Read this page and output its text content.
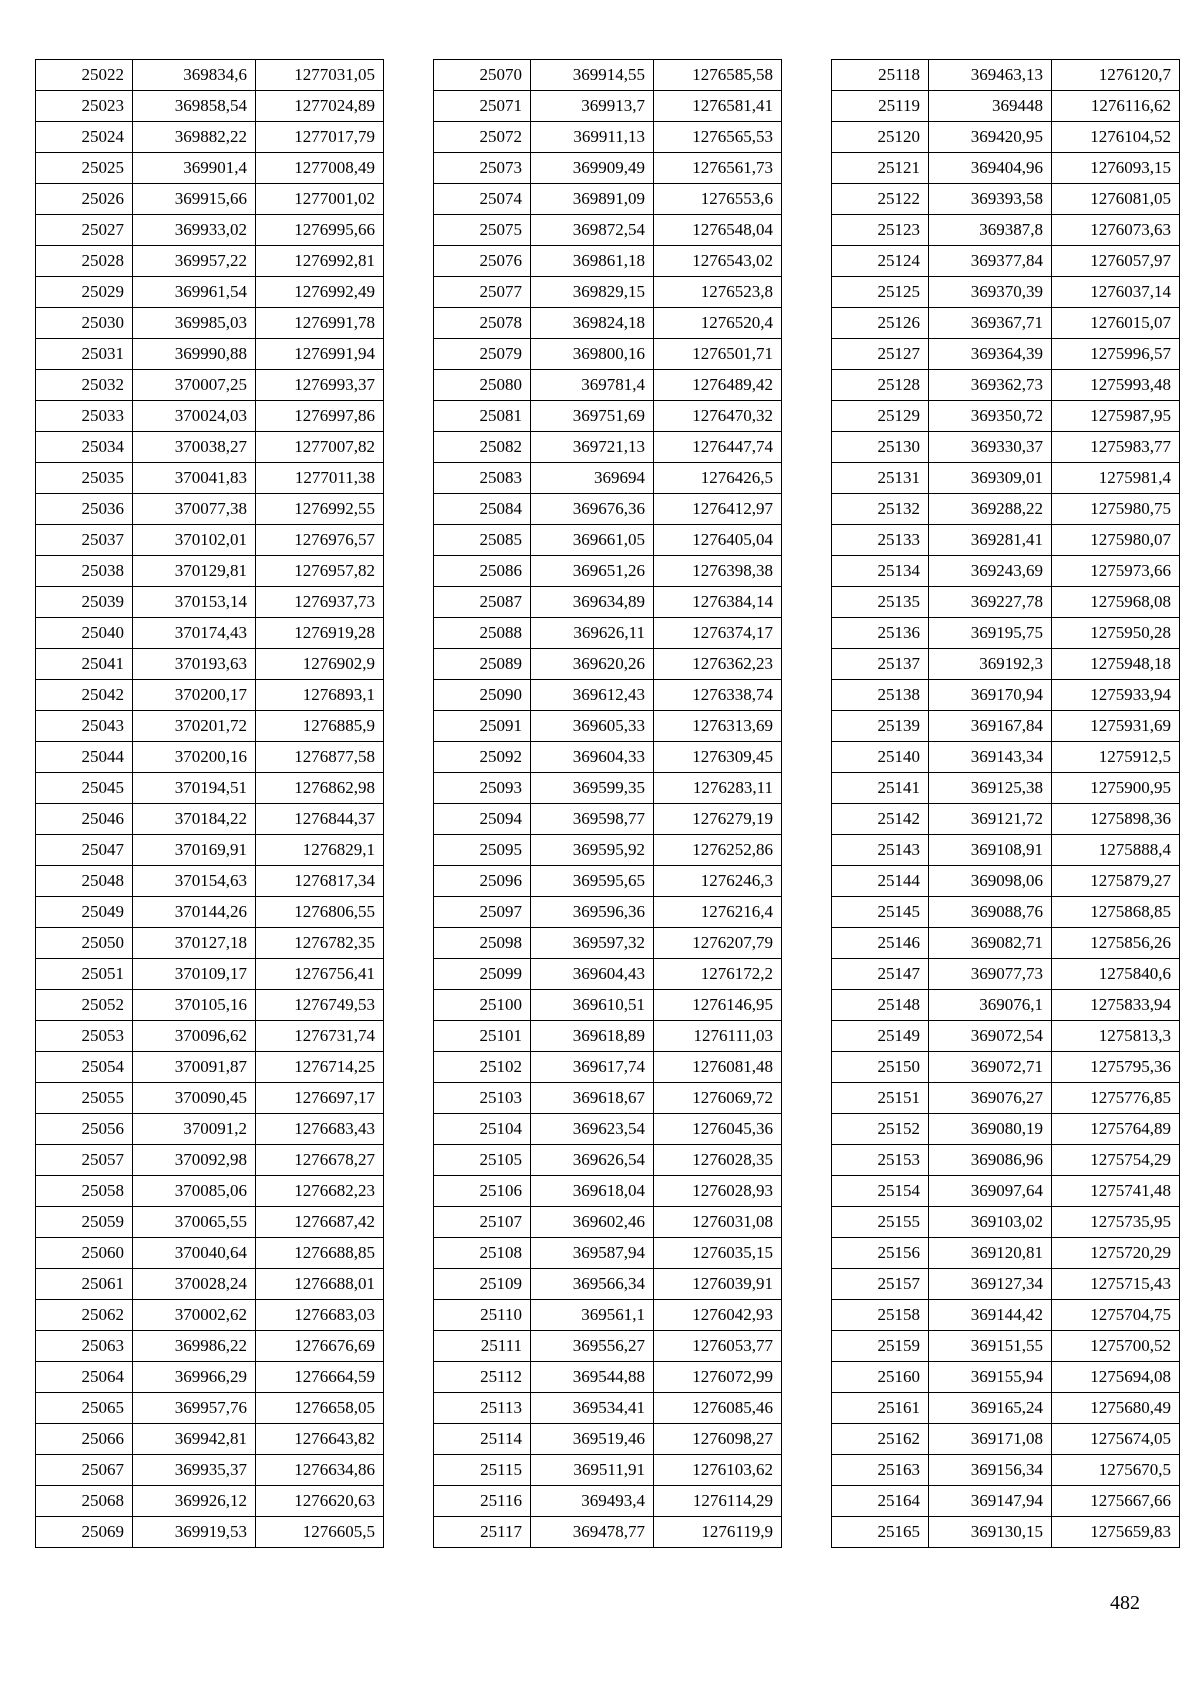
25022	369834,6	1277031,05
25023	369858,54	1277024,89
25024	369882,22	1277017,79
25025	369901,4	1277008,49
25026	369915,66	1277001,02
25027	369933,02	1276995,66
25028	369957,22	1276992,81
25029	369961,54	1276992,49
25030	369985,03	1276991,78
25031	369990,88	1276991,94
25032	370007,25	1276993,37
25033	370024,03	1276997,86
25034	370038,27	1277007,82
25035	370041,83	1277011,38
25036	370077,38	1276992,55
25037	370102,01	1276976,57
25038	370129,81	1276957,82
25039	370153,14	1276937,73
25040	370174,43	1276919,28
25041	370193,63	1276902,9
25042	370200,17	1276893,1
25043	370201,72	1276885,9
25044	370200,16	1276877,58
25045	370194,51	1276862,98
25046	370184,22	1276844,37
25047	370169,91	1276829,1
25048	370154,63	1276817,34
25049	370144,26	1276806,55
25050	370127,18	1276782,35
25051	370109,17	1276756,41
25052	370105,16	1276749,53
25053	370096,62	1276731,74
25054	370091,87	1276714,25
25055	370090,45	1276697,17
25056	370091,2	1276683,43
25057	370092,98	1276678,27
25058	370085,06	1276682,23
25059	370065,55	1276687,42
25060	370040,64	1276688,85
25061	370028,24	1276688,01
25062	370002,62	1276683,03
25063	369986,22	1276676,69
25064	369966,29	1276664,59
25065	369957,76	1276658,05
25066	369942,81	1276643,82
25067	369935,37	1276634,86
25068	369926,12	1276620,63
25069	369919,53	1276605,5
25070	369914,55	1276585,58
25071	369913,7	1276581,41
25072	369911,13	1276565,53
25073	369909,49	1276561,73
25074	369891,09	1276553,6
25075	369872,54	1276548,04
25076	369861,18	1276543,02
25077	369829,15	1276523,8
25078	369824,18	1276520,4
25079	369800,16	1276501,71
25080	369781,4	1276489,42
25081	369751,69	1276470,32
25082	369721,13	1276447,74
25083	369694	1276426,5
25084	369676,36	1276412,97
25085	369661,05	1276405,04
25086	369651,26	1276398,38
25087	369634,89	1276384,14
25088	369626,11	1276374,17
25089	369620,26	1276362,23
25090	369612,43	1276338,74
25091	369605,33	1276313,69
25092	369604,33	1276309,45
25093	369599,35	1276283,11
25094	369598,77	1276279,19
25095	369595,92	1276252,86
25096	369595,65	1276246,3
25097	369596,36	1276216,4
25098	369597,32	1276207,79
25099	369604,43	1276172,2
25100	369610,51	1276146,95
25101	369618,89	1276111,03
25102	369617,74	1276081,48
25103	369618,67	1276069,72
25104	369623,54	1276045,36
25105	369626,54	1276028,35
25106	369618,04	1276028,93
25107	369602,46	1276031,08
25108	369587,94	1276035,15
25109	369566,34	1276039,91
25110	369561,1	1276042,93
25111	369556,27	1276053,77
25112	369544,88	1276072,99
25113	369534,41	1276085,46
25114	369519,46	1276098,27
25115	369511,91	1276103,62
25116	369493,4	1276114,29
25117	369478,77	1276119,9
25118	369463,13	1276120,7
25119	369448	1276116,62
25120	369420,95	1276104,52
25121	369404,96	1276093,15
25122	369393,58	1276081,05
25123	369387,8	1276073,63
25124	369377,84	1276057,97
25125	369370,39	1276037,14
25126	369367,71	1276015,07
25127	369364,39	1275996,57
25128	369362,73	1275993,48
25129	369350,72	1275987,95
25130	369330,37	1275983,77
25131	369309,01	1275981,4
25132	369288,22	1275980,75
25133	369281,41	1275980,07
25134	369243,69	1275973,66
25135	369227,78	1275968,08
25136	369195,75	1275950,28
25137	369192,3	1275948,18
25138	369170,94	1275933,94
25139	369167,84	1275931,69
25140	369143,34	1275912,5
25141	369125,38	1275900,95
25142	369121,72	1275898,36
25143	369108,91	1275888,4
25144	369098,06	1275879,27
25145	369088,76	1275868,85
25146	369082,71	1275856,26
25147	369077,73	1275840,6
25148	369076,1	1275833,94
25149	369072,54	1275813,3
25150	369072,71	1275795,36
25151	369076,27	1275776,85
25152	369080,19	1275764,89
25153	369086,96	1275754,29
25154	369097,64	1275741,48
25155	369103,02	1275735,95
25156	369120,81	1275720,29
25157	369127,34	1275715,43
25158	369144,42	1275704,75
25159	369151,55	1275700,52
25160	369155,94	1275694,08
25161	369165,24	1275680,49
25162	369171,08	1275674,05
25163	369156,34	1275670,5
25164	369147,94	1275667,66
25165	369130,15	1275659,83
482
